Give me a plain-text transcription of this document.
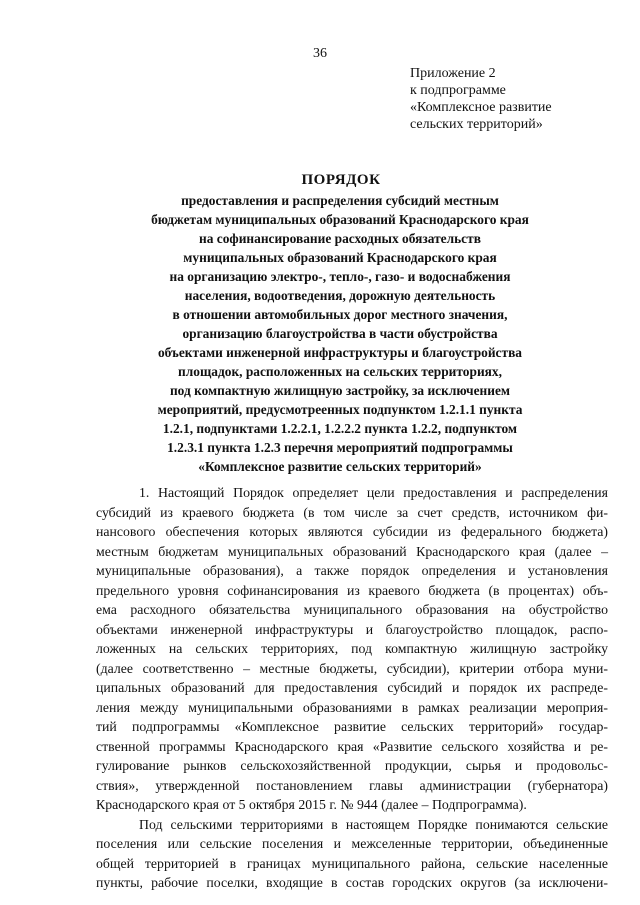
36
Приложение 2
к подпрограмме
«Комплексное развитие
сельских территорий»
ПОРЯДОК
предоставления и распределения субсидий местным
бюджетам муниципальных образований Краснодарского края
на софинансирование расходных обязательств
муниципальных образований Краснодарского края
на организацию электро-, тепло-, газо- и водоснабжения
населения, водоотведения, дорожную деятельность
в отношении автомобильных дорог местного значения,
организацию благоустройства в части обустройства
объектами инженерной инфраструктуры и благоустройства
площадок, расположенных на сельских территориях,
под компактную жилищную застройку, за исключением
мероприятий, предусмотреенных подпунктом 1.2.1.1 пункта
1.2.1, подпунктами 1.2.2.1, 1.2.2.2 пункта 1.2.2, подпунктом
1.2.3.1 пункта 1.2.3 перечня мероприятий подпрограммы
«Комплексное развитие сельских территорий»
1. Настоящий Порядок определяет цели предоставления и распределения
субсидий из краевого бюджета (в том числе за счет средств, источником фи-
нансового обеспечения которых являются субсидии из федерального бюджета)
местным бюджетам муниципальных образований Краснодарского края (далее –
муниципальные образования), а также порядок определения и установления
предельного уровня софинансирования из краевого бюджета (в процентах) объ-
ема расходного обязательства муниципального образования на обустройство
объектами инженерной инфраструктуры и благоустройство площадок, распо-
ложенных на сельских территориях, под компактную жилищную застройку
(далее соответственно – местные бюджеты, субсидии), критерии отбора муни-
ципальных образований для предоставления субсидий и порядок их распреде-
ления между муниципальными образованиями в рамках реализации мероприя-
тий подпрограммы «Комплексное развитие сельских территорий» государ-
ственной программы Краснодарского края «Развитие сельского хозяйства и ре-
гулирование рынков сельскохозяйственной продукции, сырья и продовольс-
ствия», утвержденной постановлением главы администрации (губернатора)
Краснодарского края от 5 октября 2015 г. № 944 (далее – Подпрограмма).
Под сельскими территориями в настоящем Порядке понимаются сельские
поселения или сельские поселения и межселенные территории, объединенные
общей территорией в границах муниципального района, сельские населенные
пункты, рабочие поселки, входящие в состав городских округов (за исключени-
